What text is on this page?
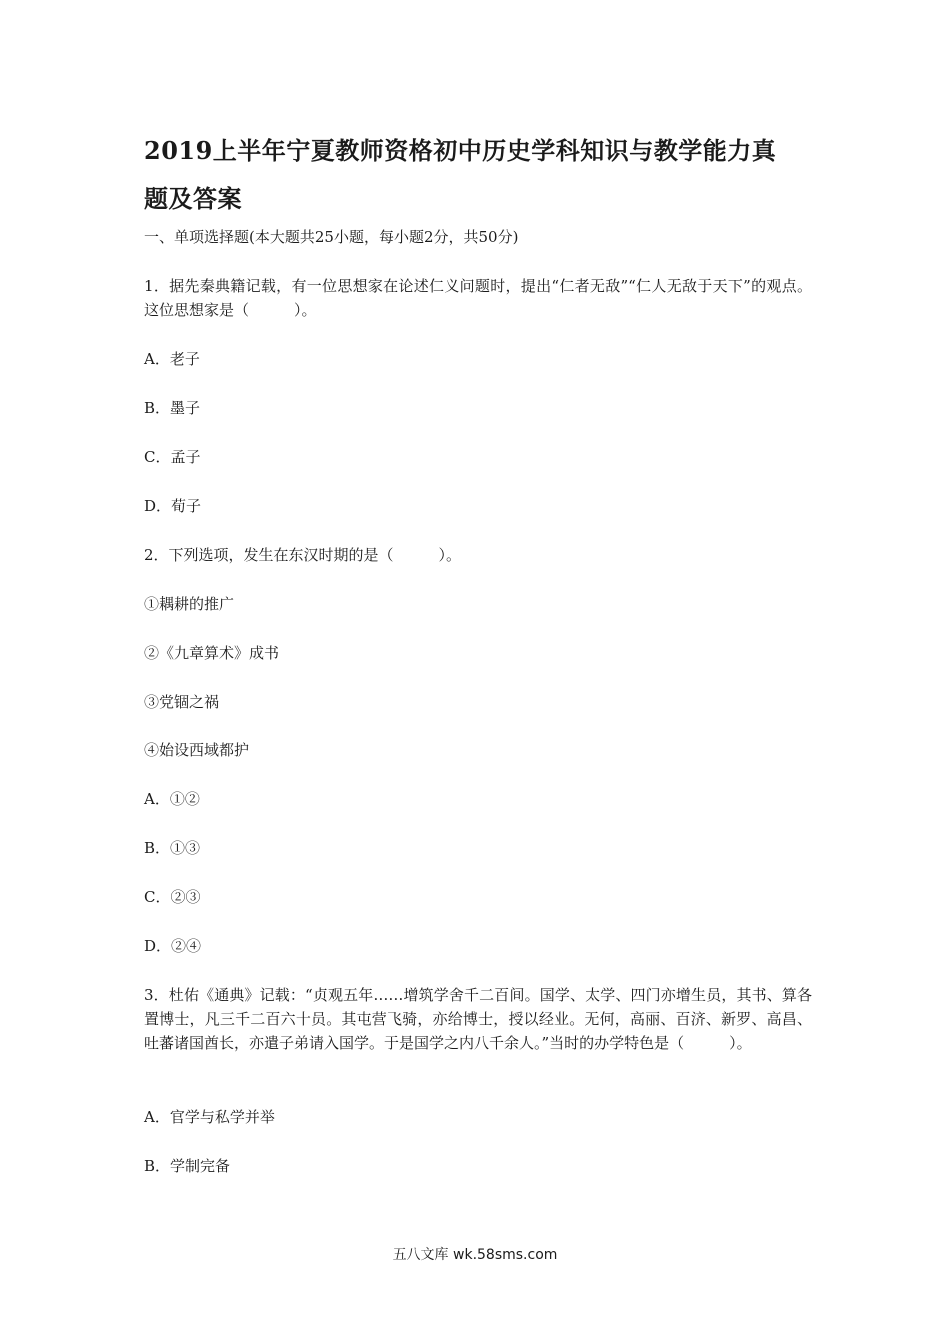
2019上半年宁夏教师资格初中历史学科知识与教学能力真
题及答案

一、单项选择题(本大题共25小题，每小题2分，共50分)

1．据先秦典籍记载，有一位思想家在论述仁义问题时，提出“仁者无敌”“仁人无敌于天下”的观点。这位思想家是（　　　）。

A．老子

B．墨子

C．孟子

D．荀子

2．下列选项，发生在东汉时期的是（　　　）。

①耦耕的推广

②《九章算术》成书

③党锢之祸

④始设西域都护

A．①②

B．①③

C．②③

D．②④

3．杜佑《通典》记载：“贞观五年……增筑学舍千二百间。国学、太学、四门亦增生员，其书、算各置博士，凡三千二百六十员。其屯营飞骑，亦给博士，授以经业。无何，高丽、百济、新罗、高昌、吐蕃诸国酋长，亦遣子弟请入国学。于是国学之内八千余人。”当时的办学特色是（　　　）。

A．官学与私学并举

B．学制完备

五八文库 wk.58sms.com
